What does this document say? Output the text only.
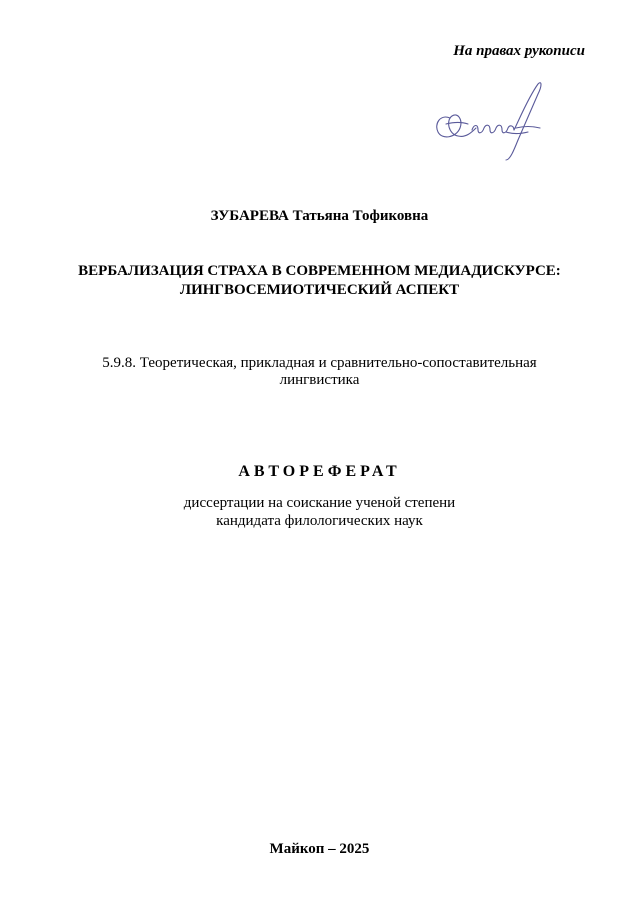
На правах рукописи
ЗУБАРЕВА Татьяна Тофиковна
ВЕРБАЛИЗАЦИЯ СТРАХА В СОВРЕМЕННОМ МЕДИАДИСКУРСЕ:
ЛИНГВОСЕМИОТИЧЕСКИЙ АСПЕКТ
5.9.8. Теоретическая, прикладная и сравнительно-сопоставительная
лингвистика
АВТОРЕФЕРАТ
диссертации на соискание ученой степени
кандидата филологических наук
Майкоп – 2025
